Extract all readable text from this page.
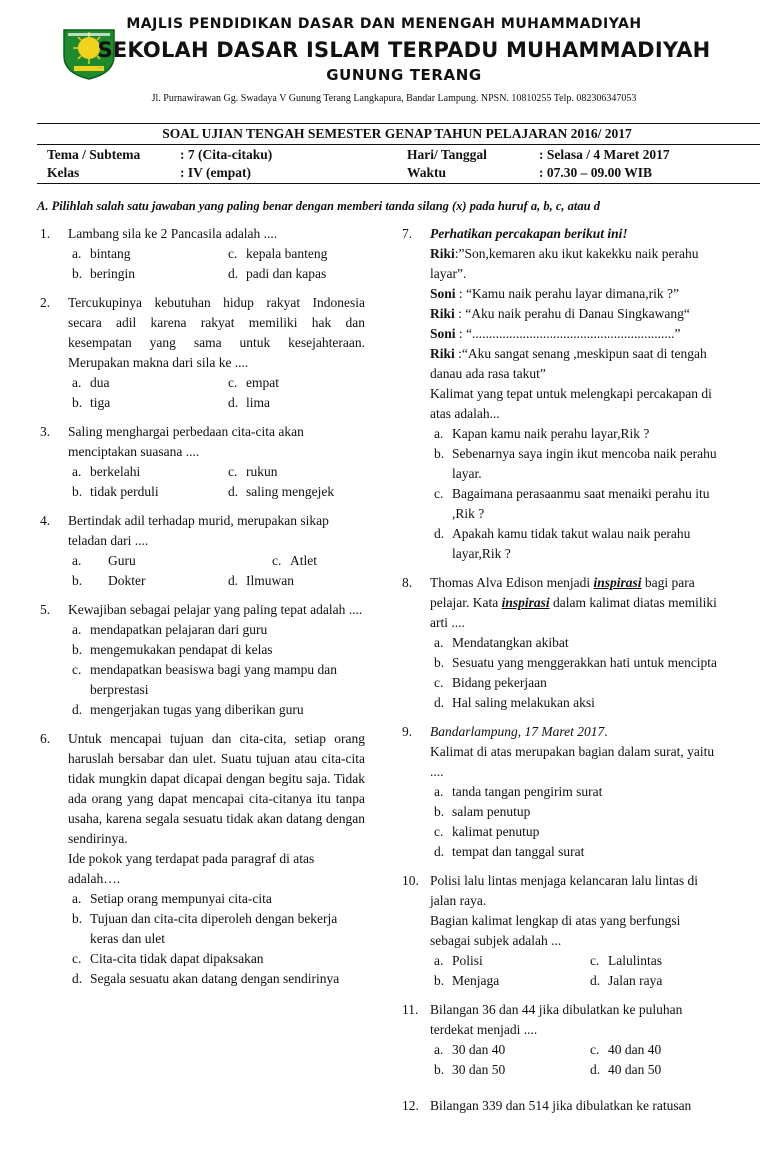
MAJLIS PENDIDIKAN DASAR DAN MENENGAH MUHAMMADIYAH
SEKOLAH DASAR ISLAM TERPADU MUHAMMADIYAH
GUNUNG TERANG
Jl. Purnawirawan Gg. Swadaya V Gunung Terang Langkapura, Bandar Lampung. NPSN. 10810255 Telp. 082306347053
SOAL UJIAN TENGAH SEMESTER GENAP TAHUN PELAJARAN 2016/ 2017
Tema / Subtema	: 7 (Cita-citaku)	Hari/ Tanggal	: Selasa / 4 Maret 2017
Kelas	: IV (empat)	Waktu	: 07.30 – 09.00 WIB
A. Pilihlah salah satu jawaban yang paling benar dengan memberi tanda silang (x) pada huruf a, b, c, atau d
1. Lambang sila ke 2 Pancasila adalah ....
a. bintang	c. kepala banteng
b. beringin	d. padi dan kapas
2. Tercukupinya kebutuhan hidup rakyat Indonesia secara adil karena rakyat memiliki hak dan kesempatan yang sama untuk kesejahteraan. Merupakan makna dari sila ke ....
a. dua	c. empat
b. tiga	d. lima
3. Saling menghargai perbedaan cita-cita akan menciptakan suasana ....
a. berkelahi	c. rukun
b. tidak perduli	d. saling mengejek
4. Bertindak adil terhadap murid, merupakan sikap teladan dari ....
a. Guru	c. Atlet
b. Dokter	d. Ilmuwan
5. Kewajiban sebagai pelajar yang paling tepat adalah ....
a. mendapatkan pelajaran dari guru
b. mengemukakan pendapat di kelas
c. mendapatkan beasiswa bagi yang mampu dan berprestasi
d. mengerjakan tugas yang diberikan guru
6. Untuk mencapai tujuan dan cita-cita, setiap orang haruslah bersabar dan ulet. Suatu tujuan atau cita-cita tidak mungkin dapat dicapai dengan begitu saja. Tidak ada orang yang dapat mencapai cita-citanya itu tanpa usaha, karena segala sesuatu tidak akan datang dengan sendirinya.
Ide pokok yang terdapat pada paragraf di atas adalah….
a. Setiap orang mempunyai cita-cita
b. Tujuan dan cita-cita diperoleh dengan bekerja keras dan ulet
c. Cita-cita tidak dapat dipaksakan
d. Segala sesuatu akan datang dengan sendirinya
7. Perhatikan percakapan berikut ini!
Riki:”Son,kemaren aku ikut kakekku naik perahu layar”.
Soni : “Kamu naik perahu layar dimana,rik ?”
Riki : “Aku naik perahu di Danau Singkawang“
Soni : “............................................................”
Riki :“Aku sangat senang ,meskipun saat di tengah danau ada rasa takut”
Kalimat yang tepat untuk melengkapi percakapan di atas adalah...
a. Kapan kamu naik perahu layar,Rik ?
b. Sebenarnya saya ingin ikut mencoba naik perahu layar.
c. Bagaimana perasaanmu saat menaiki perahu itu ,Rik ?
d. Apakah kamu tidak takut walau naik perahu layar,Rik ?
8. Thomas Alva Edison menjadi inspirasi bagi para pelajar. Kata inspirasi dalam kalimat diatas memiliki arti ....
a. Mendatangkan akibat
b. Sesuatu yang menggerakkan hati untuk mencipta
c. Bidang pekerjaan
d. Hal saling melakukan aksi
9. Bandarlampung, 17 Maret 2017.
Kalimat di atas merupakan bagian dalam surat, yaitu ....
a. tanda tangan pengirim surat
b. salam penutup
c. kalimat penutup
d. tempat dan tanggal surat
10. Polisi lalu lintas menjaga kelancaran lalu lintas di jalan raya.
Bagian kalimat lengkap di atas yang berfungsi sebagai subjek adalah ...
a. Polisi	c. Lalulintas
b. Menjaga	d. Jalan raya
11. Bilangan 36 dan 44 jika dibulatkan ke puluhan terdekat menjadi ....
a. 30 dan 40	c. 40 dan 40
b. 30 dan 50	d. 40 dan 50
12. Bilangan 339 dan 514 jika dibulatkan ke ratusan
